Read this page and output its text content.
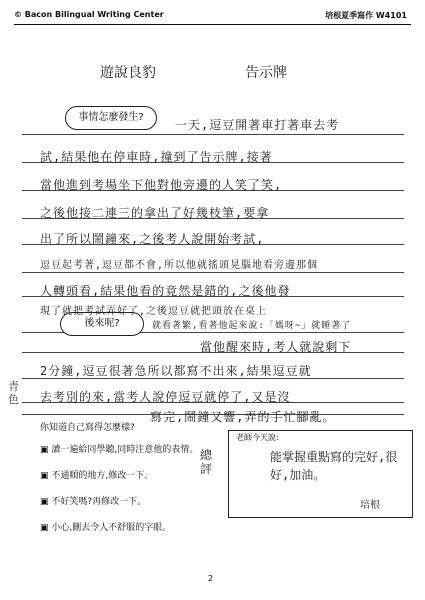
© Bacon Bilingual Writing Center	培根夏季寫作 W4101
遊說良豹	告示牌
事情怎麼發生?
後來呢?
一天,逗豆開著車打著車去考
試,結果他在停車時,撞到了告示牌,接著
當他進到考場坐下他對他旁邊的人笑了笑,
之後他接二連三的拿出了好幾枝筆,要拿
出了所以鬧鐘來,之後考人說開始考試,
逗豆起考著,逗豆都不會,所以他就搖頭晃腦地看旁邊那個
人轉頭看,結果他看的竟然是錯的,之後他發
現了就把考試弄好了,之後逗豆就把頭放在桌上
就看著繁,看著他起來說:「媽呀~」就睡著了
當他醒來時,考人就說剩下
2分鐘,逗豆很著急所以都寫不出來,結果逗豆就
去考別的來,當考人說停逗豆就停了,又是沒
寫完,鬧鐘又響,弄的手忙腳亂。
青色
你知道自己寫得怎麼樣?
▣ 讀一遍給同學聽,同時注意他的表情。
▣ 不通順的地方,修改一下。
▣ 不好笑嗎?再修改一下。
▣ 小心,刪去令人不舒服的字眼。
老師今天說:
總評
能掌握重點寫的完好,很好,加油。
培根
2
